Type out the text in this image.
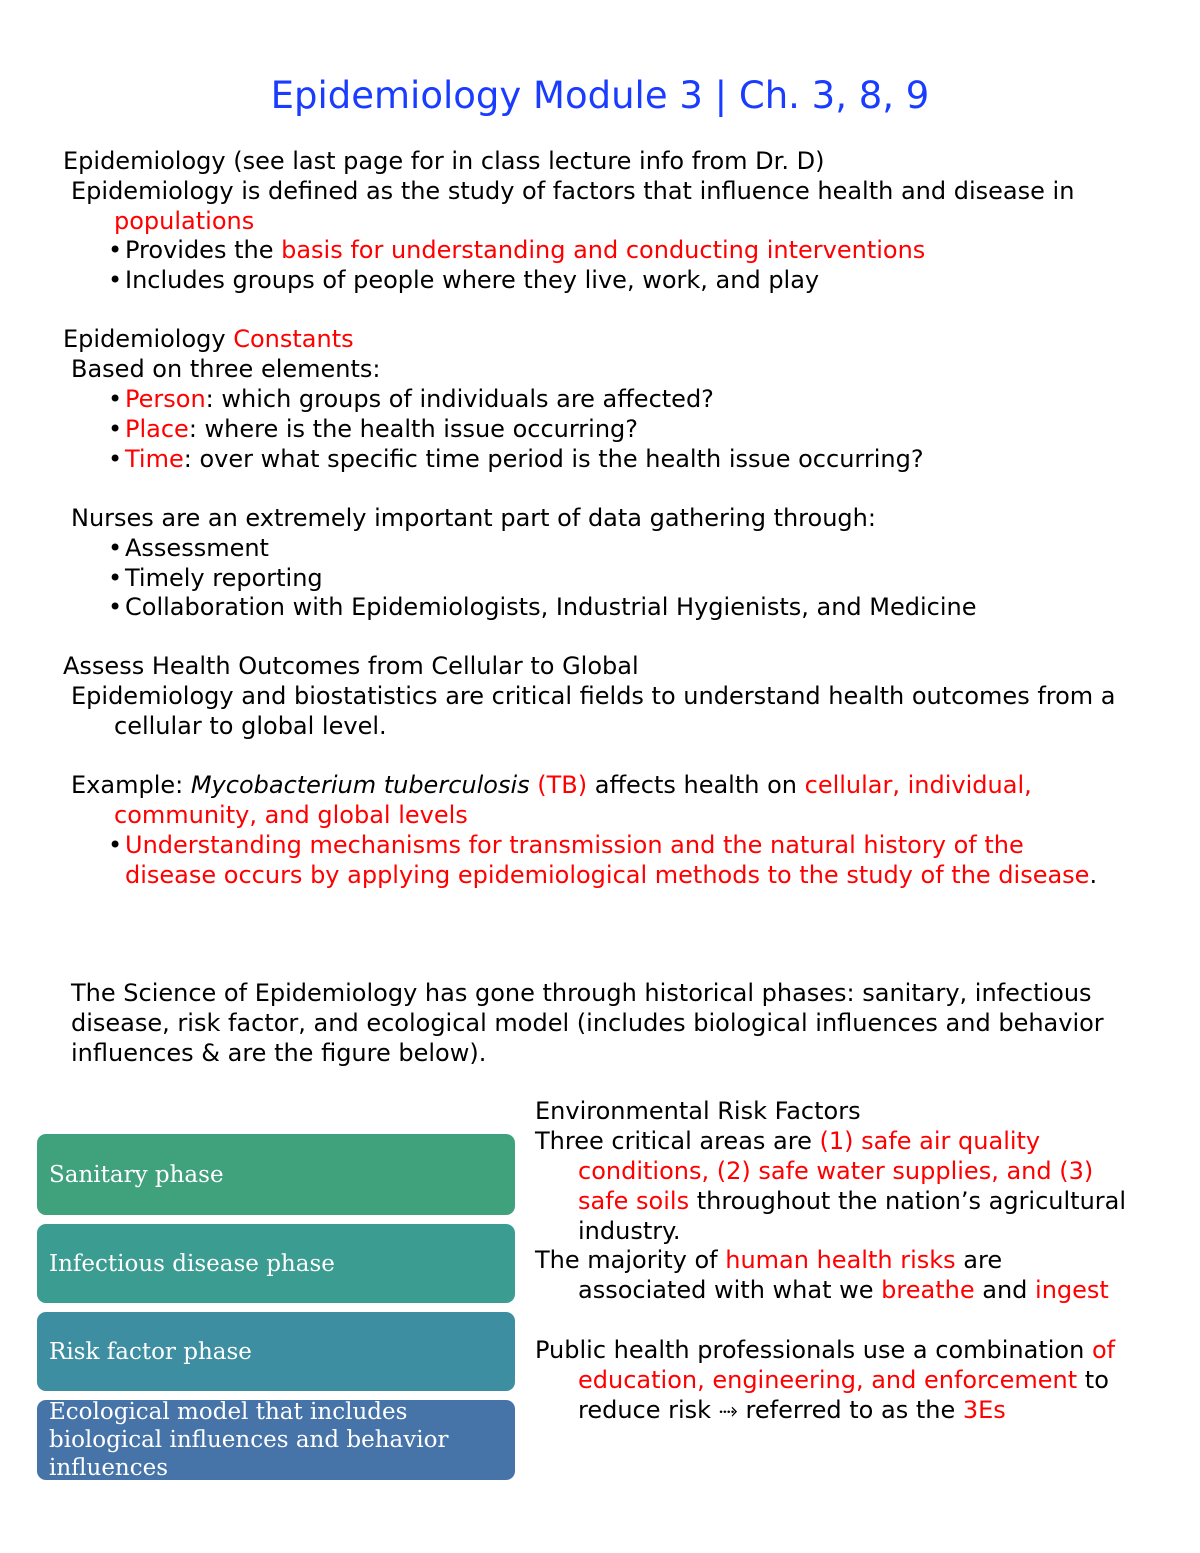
Epidemiology Module 3 | Ch. 3, 8, 9
Epidemiology (see last page for in class lecture info from Dr. D)
Epidemiology is defined as the study of factors that influence health and disease in populations
• Provides the basis for understanding and conducting interventions
• Includes groups of people where they live, work, and play
Epidemiology Constants
Based on three elements:
• Person: which groups of individuals are affected?
• Place: where is the health issue occurring?
• Time: over what specific time period is the health issue occurring?
Nurses are an extremely important part of data gathering through:
• Assessment
• Timely reporting
• Collaboration with Epidemiologists, Industrial Hygienists, and Medicine
Assess Health Outcomes from Cellular to Global
Epidemiology and biostatistics are critical fields to understand health outcomes from a cellular to global level.
Example: Mycobacterium tuberculosis (TB) affects health on cellular, individual, community, and global levels
• Understanding mechanisms for transmission and the natural history of the disease occurs by applying epidemiological methods to the study of the disease.
The Science of Epidemiology has gone through historical phases: sanitary, infectious disease, risk factor, and ecological model (includes biological influences and behavior influences & are the figure below).
Sanitary phase
Infectious disease phase
Risk factor phase
Ecological model that includes biological influences and behavior influences
Environmental Risk Factors
Three critical areas are (1) safe air quality conditions, (2) safe water supplies, and (3) safe soils throughout the nation’s agricultural industry.
The majority of human health risks are associated with what we breathe and ingest
Public health professionals use a combination of education, engineering, and enforcement to reduce risk ⤑ referred to as the 3Es
